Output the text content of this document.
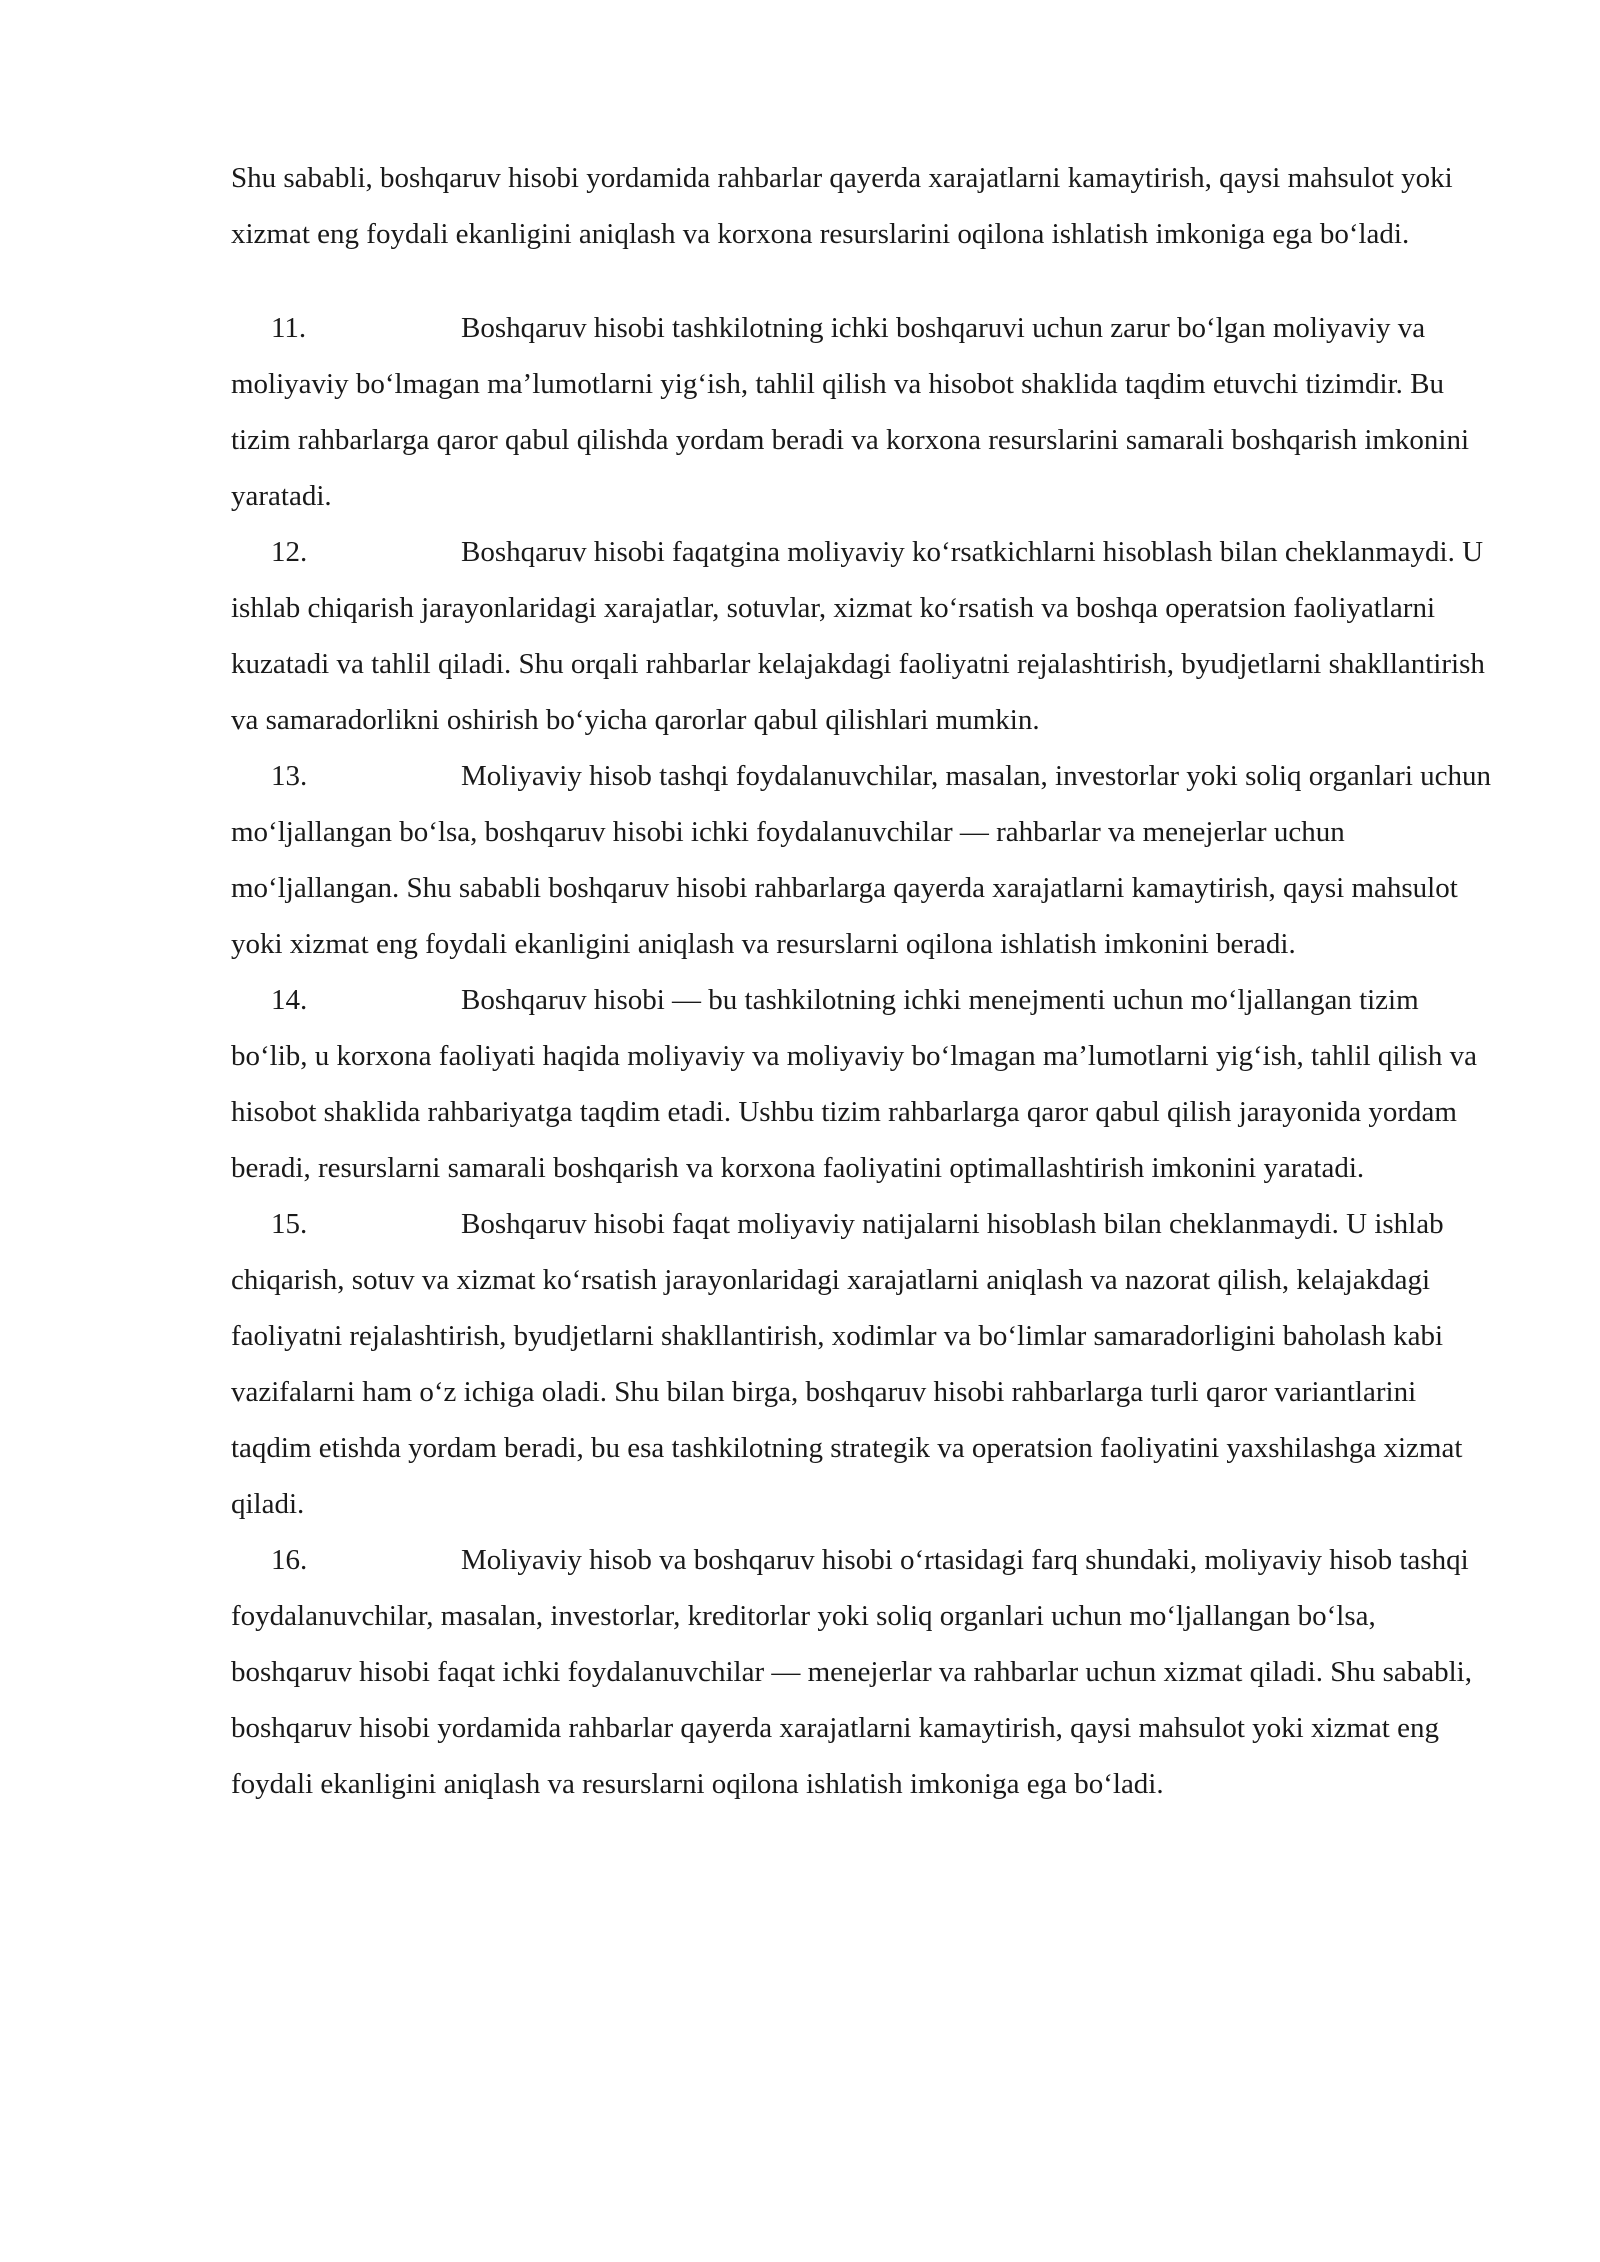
Shu sababli, boshqaruv hisobi yordamida rahbarlar qayerda xarajatlarni kamaytirish, qaysi mahsulot yoki xizmat eng foydali ekanligini aniqlash va korxona resurslarini oqilona ishlatish imkoniga ega bo‘ladi.

11.	Boshqaruv hisobi tashkilotning ichki boshqaruvi uchun zarur bo‘lgan moliyaviy va moliyaviy bo‘lmagan ma’lumotlarni yig‘ish, tahlil qilish va hisobot shaklida taqdim etuvchi tizimdir. Bu tizim rahbarlarga qaror qabul qilishda yordam beradi va korxona resurslarini samarali boshqarish imkonini yaratadi.

12.	Boshqaruv hisobi faqatgina moliyaviy ko‘rsatkichlarni hisoblash bilan cheklanmaydi. U ishlab chiqarish jarayonlaridagi xarajatlar, sotuvlar, xizmat ko‘rsatish va boshqa operatsion faoliyatlarni kuzatadi va tahlil qiladi. Shu orqali rahbarlar kelajakdagi faoliyatni rejalashtirish, byudjetlarni shakllantirish va samaradorlikni oshirish bo‘yicha qarorlar qabul qilishlari mumkin.

13.	Moliyaviy hisob tashqi foydalanuvchilar, masalan, investorlar yoki soliq organlari uchun mo‘ljallangan bo‘lsa, boshqaruv hisobi ichki foydalanuvchilar — rahbarlar va menejerlar uchun mo‘ljallangan. Shu sababli boshqaruv hisobi rahbarlarga qayerda xarajatlarni kamaytirish, qaysi mahsulot yoki xizmat eng foydali ekanligini aniqlash va resurslarni oqilona ishlatish imkonini beradi.

14.	Boshqaruv hisobi — bu tashkilotning ichki menejmenti uchun mo‘ljallangan tizim bo‘lib, u korxona faoliyati haqida moliyaviy va moliyaviy bo‘lmagan ma’lumotlarni yig‘ish, tahlil qilish va hisobot shaklida rahbariyatga taqdim etadi. Ushbu tizim rahbarlarga qaror qabul qilish jarayonida yordam beradi, resurslarni samarali boshqarish va korxona faoliyatini optimallashtirish imkonini yaratadi.

15.	Boshqaruv hisobi faqat moliyaviy natijalarni hisoblash bilan cheklanmaydi. U ishlab chiqarish, sotuv va xizmat ko‘rsatish jarayonlaridagi xarajatlarni aniqlash va nazorat qilish, kelajakdagi faoliyatni rejalashtirish, byudjetlarni shakllantirish, xodimlar va bo‘limlar samaradorligini baholash kabi vazifalarni ham o‘z ichiga oladi. Shu bilan birga, boshqaruv hisobi rahbarlarga turli qaror variantlarini taqdim etishda yordam beradi, bu esa tashkilotning strategik va operatsion faoliyatini yaxshilashga xizmat qiladi.

16.	Moliyaviy hisob va boshqaruv hisobi o‘rtasidagi farq shundaki, moliyaviy hisob tashqi foydalanuvchilar, masalan, investorlar, kreditorlar yoki soliq organlari uchun mo‘ljallangan bo‘lsa, boshqaruv hisobi faqat ichki foydalanuvchilar — menejerlar va rahbarlar uchun xizmat qiladi. Shu sababli, boshqaruv hisobi yordamida rahbarlar qayerda xarajatlarni kamaytirish, qaysi mahsulot yoki xizmat eng foydali ekanligini aniqlash va resurslarni oqilona ishlatish imkoniga ega bo‘ladi.
